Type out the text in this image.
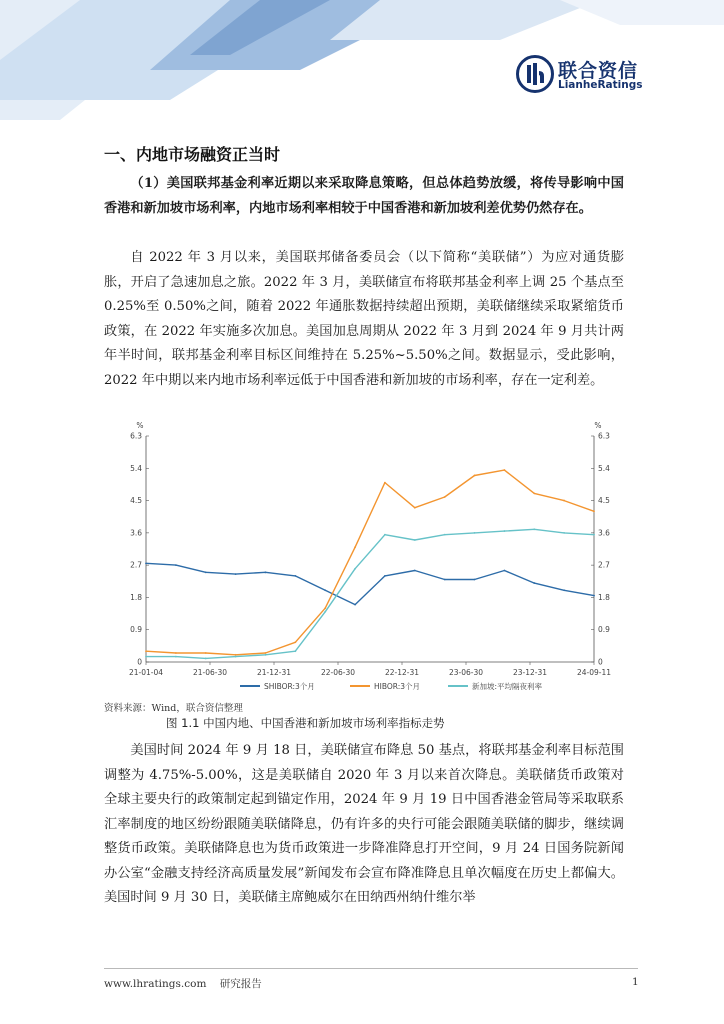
联合资信
LianheRatings
一、内地市场融资正当时

（1）美国联邦基金利率近期以来采取降息策略，但总体趋势放缓，将传导影响中国香港和新加坡市场利率，内地市场利率相较于中国香港和新加坡利差优势仍然存在。

自 2022 年 3 月以来，美国联邦储备委员会（以下简称“美联储”）为应对通货膨胀，开启了急速加息之旅。2022 年 3 月，美联储宣布将联邦基金利率上调 25 个基点至 0.25%至 0.50%之间，随着 2022 年通胀数据持续超出预期，美联储继续采取紧缩货币政策，在 2022 年实施多次加息。美国加息周期从 2022 年 3 月到 2024 年 9 月共计两年半时间，联邦基金利率目标区间维持在 5.25%~5.50%之间。数据显示，受此影响，2022 年中期以来内地市场利率远低于中国香港和新加坡的市场利率，存在一定利差。

%	%
0	0
0.9	0.9
1.8	1.8
2.7	2.7
3.6	3.6
4.5	4.5
5.4	5.4
6.3	6.3
21-01-04	21-06-30	21-12-31	22-06-30	22-12-31	23-06-30	23-12-31	24-09-11
SHIBOR:3个月	HIBOR:3个月	新加坡:平均隔夜利率
资料来源：Wind，联合资信整理
图 1.1 中国内地、中国香港和新加坡市场利率指标走势

美国时间 2024 年 9 月 18 日，美联储宣布降息 50 基点，将联邦基金利率目标范围调整为 4.75%-5.00%，这是美联储自 2020 年 3 月以来首次降息。美联储货币政策对全球主要央行的政策制定起到锚定作用，2024 年 9 月 19 日中国香港金管局等采取联系汇率制度的地区纷纷跟随美联储降息，仍有许多的央行可能会跟随美联储的脚步，继续调整货币政策。美联储降息也为货币政策进一步降准降息打开空间，9 月 24 日国务院新闻办公室“金融支持经济高质量发展”新闻发布会宣布降准降息且单次幅度在历史上都偏大。美国时间 9 月 30 日，美联储主席鲍威尔在田纳西州纳什维尔举

www.lhratings.com 研究报告	1
